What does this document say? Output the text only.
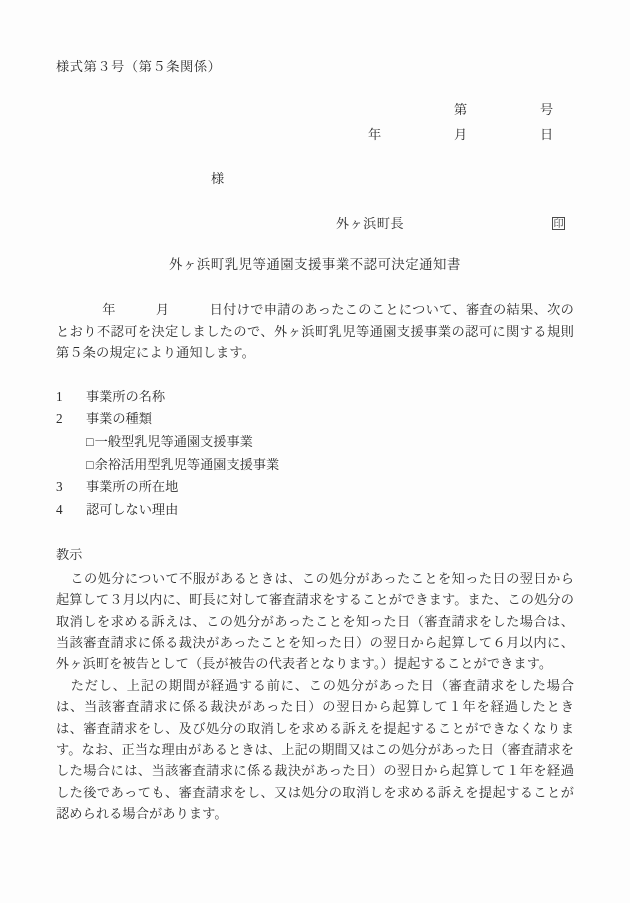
様式第３号（第５条関係）
第	号
年	月	日
様
外ヶ浜町長	印
外ヶ浜町乳児等通園支援事業不認可決定通知書
年	月	日付けで申請のあったこのことについて、審査の結果、次のとおり不認可を決定しましたので、外ヶ浜町乳児等通園支援事業の認可に関する規則第５条の規定により通知します。
1	事業所の名称
2	事業の種類
□一般型乳児等通園支援事業
□余裕活用型乳児等通園支援事業
3	事業所の所在地
4	認可しない理由
教示
この処分について不服があるときは、この処分があったことを知った日の翌日から起算して３月以内に、町長に対して審査請求をすることができます。また、この処分の取消しを求める訴えは、この処分があったことを知った日（審査請求をした場合は、当該審査請求に係る裁決があったことを知った日）の翌日から起算して６月以内に、外ヶ浜町を被告として（長が被告の代表者となります。）提起することができます。
ただし、上記の期間が経過する前に、この処分があった日（審査請求をした場合は、当該審査請求に係る裁決があった日）の翌日から起算して１年を経過したときは、審査請求をし、及び処分の取消しを求める訴えを提起することができなくなります。なお、正当な理由があるときは、上記の期間又はこの処分があった日（審査請求をした場合には、当該審査請求に係る裁決があった日）の翌日から起算して１年を経過した後であっても、審査請求をし、又は処分の取消しを求める訴えを提起することが認められる場合があります。
